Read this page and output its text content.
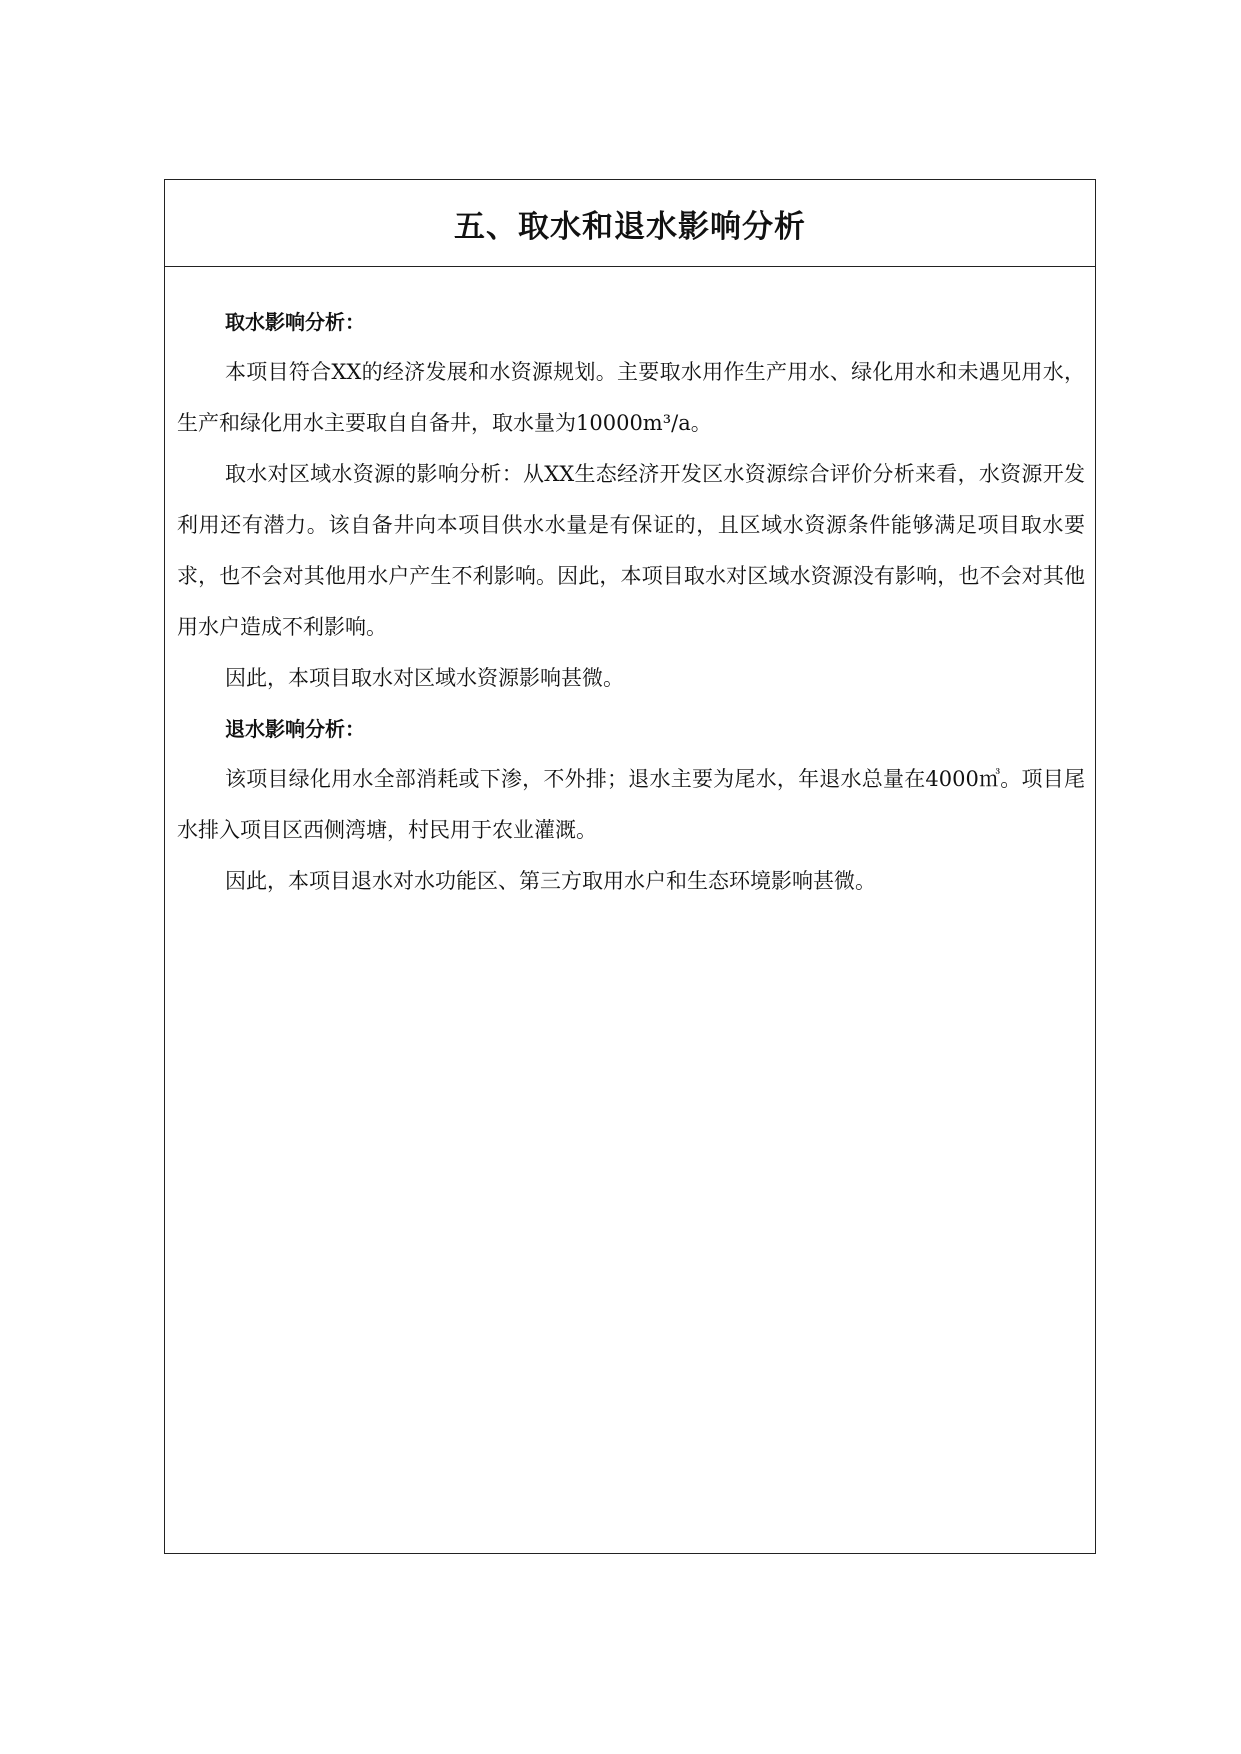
五、取水和退水影响分析
取水影响分析：

本项目符合XX的经济发展和水资源规划。主要取水用作生产用水、绿化用水和未遇见用水，生产和绿化用水主要取自自备井，取水量为10000m³/a。

取水对区域水资源的影响分析：从XX生态经济开发区水资源综合评价分析来看，水资源开发利用还有潜力。该自备井向本项目供水水量是有保证的，且区域水资源条件能够满足项目取水要求，也不会对其他用水户产生不利影响。因此，本项目取水对区域水资源没有影响，也不会对其他用水户造成不利影响。

因此，本项目取水对区域水资源影响甚微。

退水影响分析：

该项目绿化用水全部消耗或下渗，不外排；退水主要为尾水，年退水总量在4000㎥。项目尾水排入项目区西侧湾塘，村民用于农业灌溉。

因此，本项目退水对水功能区、第三方取用水户和生态环境影响甚微。
